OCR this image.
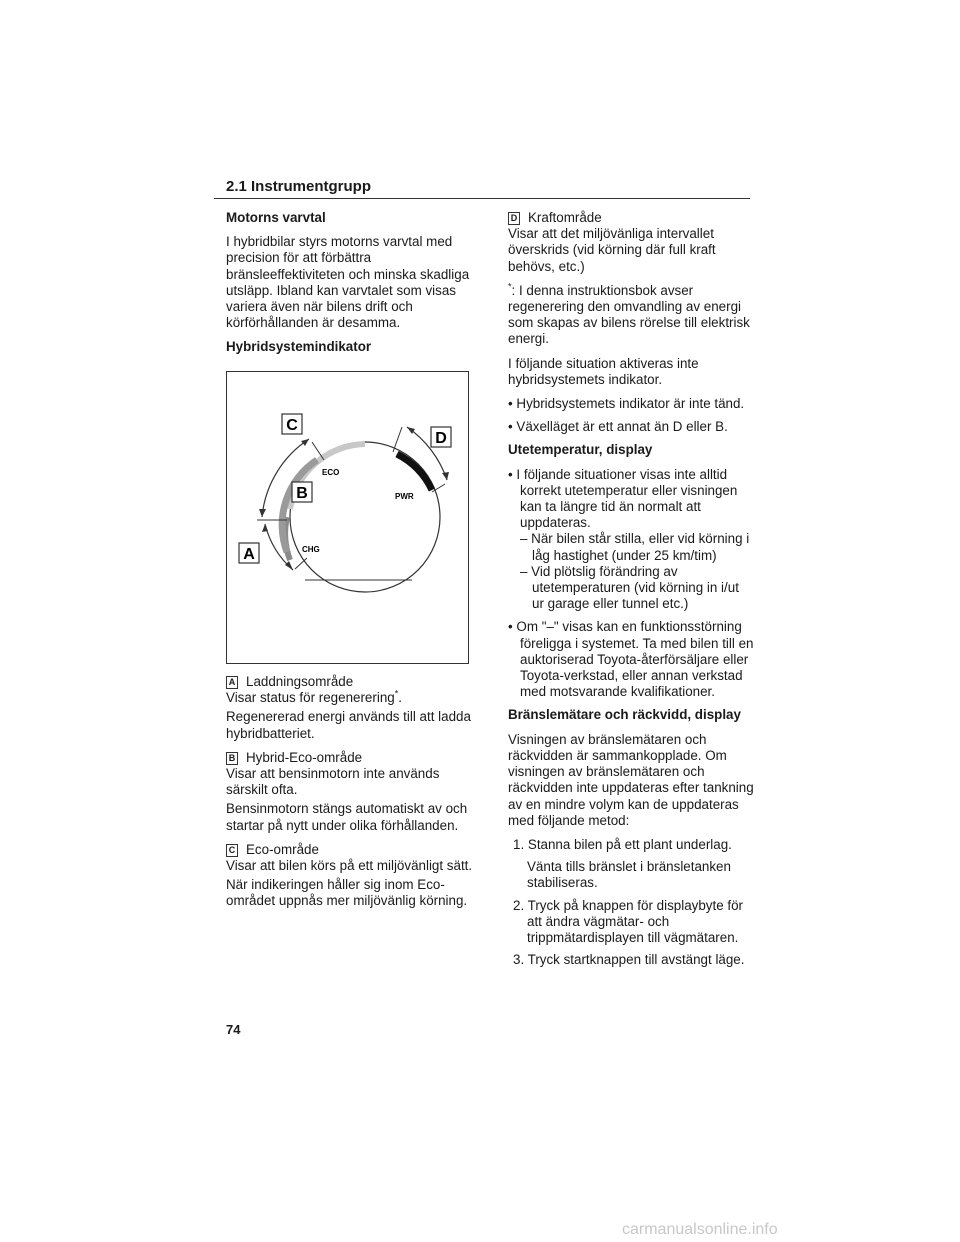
2.1 Instrumentgrupp
Motorns varvtal

I hybridbilar styrs motorns varvtal med precision för att förbättra bränsleeffektiviteten och minska skadliga utsläpp. Ibland kan varvtalet som visas variera även när bilens drift och körförhållanden är desamma.

Hybridsystemindikator
C
D
B
A
ECO
PWR
CHG
A Laddningsområde

Visar status för regenerering*.

Regenererad energi används till att ladda hybridbatteriet.

B Hybrid-Eco-område

Visar att bensinmotorn inte används särskilt ofta.

Bensinmotorn stängs automatiskt av och startar på nytt under olika förhållanden.

C Eco-område

Visar att bilen körs på ett miljövänligt sätt.

När indikeringen håller sig inom Eco-området uppnås mer miljövänlig körning.

D Kraftområde

Visar att det miljövänliga intervallet överskrids (vid körning där full kraft behövs, etc.)

*: I denna instruktionsbok avser regenerering den omvandling av energi som skapas av bilens rörelse till elektrisk energi.

I följande situation aktiveras inte hybridsystemets indikator.

• Hybridsystemets indikator är inte tänd.

• Växelläget är ett annat än D eller B.

Utetemperatur, display

• I följande situationer visas inte alltid korrekt utetemperatur eller visningen kan ta längre tid än normalt att uppdateras.

– När bilen står stilla, eller vid körning i låg hastighet (under 25 km/tim)

– Vid plötslig förändring av utetemperaturen (vid körning in i/ut ur garage eller tunnel etc.)

• Om "–" visas kan en funktionsstörning föreligga i systemet. Ta med bilen till en auktoriserad Toyota-återförsäljare eller Toyota-verkstad, eller annan verkstad med motsvarande kvalifikationer.

Bränslemätare och räckvidd, display

Visningen av bränslemätaren och räckvidden är sammankopplade. Om visningen av bränslemätaren och räckvidden inte uppdateras efter tankning av en mindre volym kan de uppdateras med följande metod:

1. Stanna bilen på ett plant underlag.

Vänta tills bränslet i bränsletanken stabiliseras.

2. Tryck på knappen för displaybyte för att ändra vägmätar- och trippmätardisplayen till vägmätaren.

3. Tryck startknappen till avstängt läge.

74
carmanualsonline.info
